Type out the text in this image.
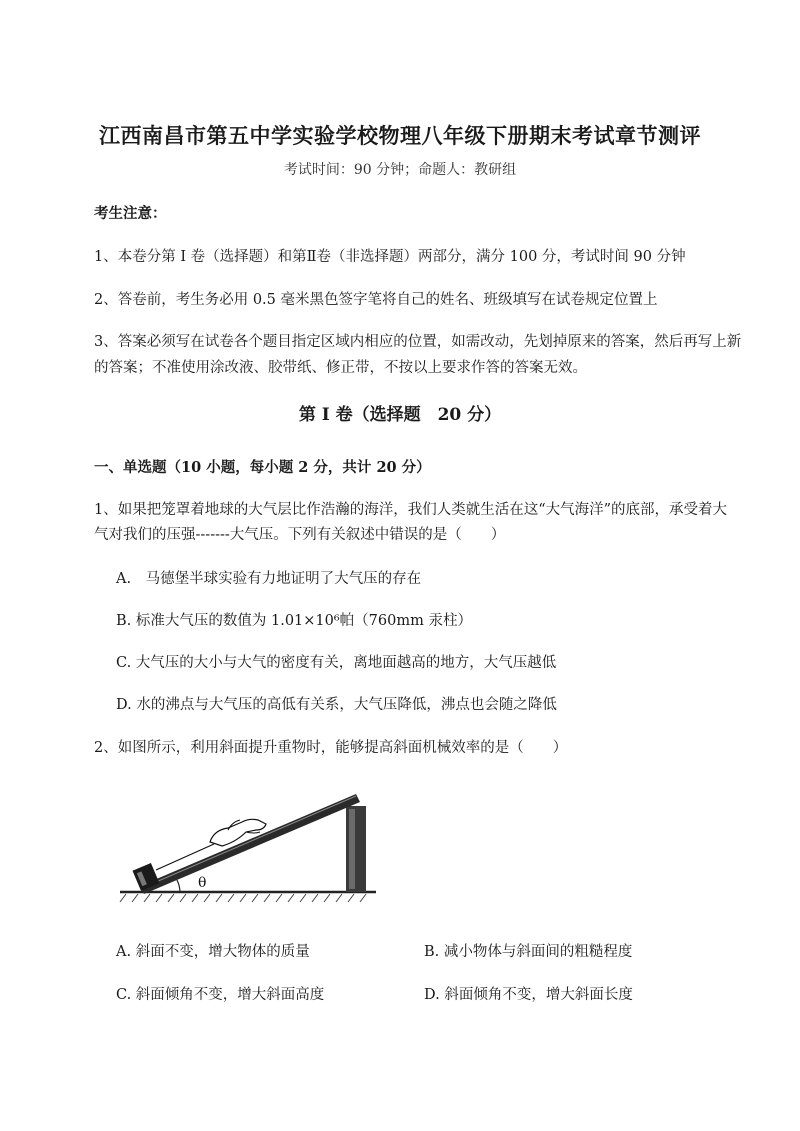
江西南昌市第五中学实验学校物理八年级下册期末考试章节测评
考试时间：90 分钟；命题人：教研组
考生注意：
1、本卷分第 I 卷（选择题）和第Ⅱ卷（非选择题）两部分，满分 100 分，考试时间 90 分钟
2、答卷前，考生务必用 0.5 毫米黑色签字笔将自己的姓名、班级填写在试卷规定位置上
3、答案必须写在试卷各个题目指定区域内相应的位置，如需改动，先划掉原来的答案，然后再写上新
的答案；不准使用涂改液、胶带纸、修正带，不按以上要求作答的答案无效。
第 I 卷（选择题　20 分）
一、单选题（10 小题，每小题 2 分，共计 20 分）
1、如果把笼罩着地球的大气层比作浩瀚的海洋，我们人类就生活在这“大气海洋”的底部，承受着大
气对我们的压强-------大气压。下列有关叙述中错误的是（　　）
A.　马德堡半球实验有力地证明了大气压的存在
B. 标准大气压的数值为 1.01×10⁶帕（760mm 汞柱）
C. 大气压的大小与大气的密度有关，离地面越高的地方，大气压越低
D. 水的沸点与大气压的高低有关系，大气压降低，沸点也会随之降低
2、如图所示，利用斜面提升重物时，能够提高斜面机械效率的是（　　）
θ
A. 斜面不变，增大物体的质量	B. 减小物体与斜面间的粗糙程度
C. 斜面倾角不变，增大斜面高度	D. 斜面倾角不变，增大斜面长度
